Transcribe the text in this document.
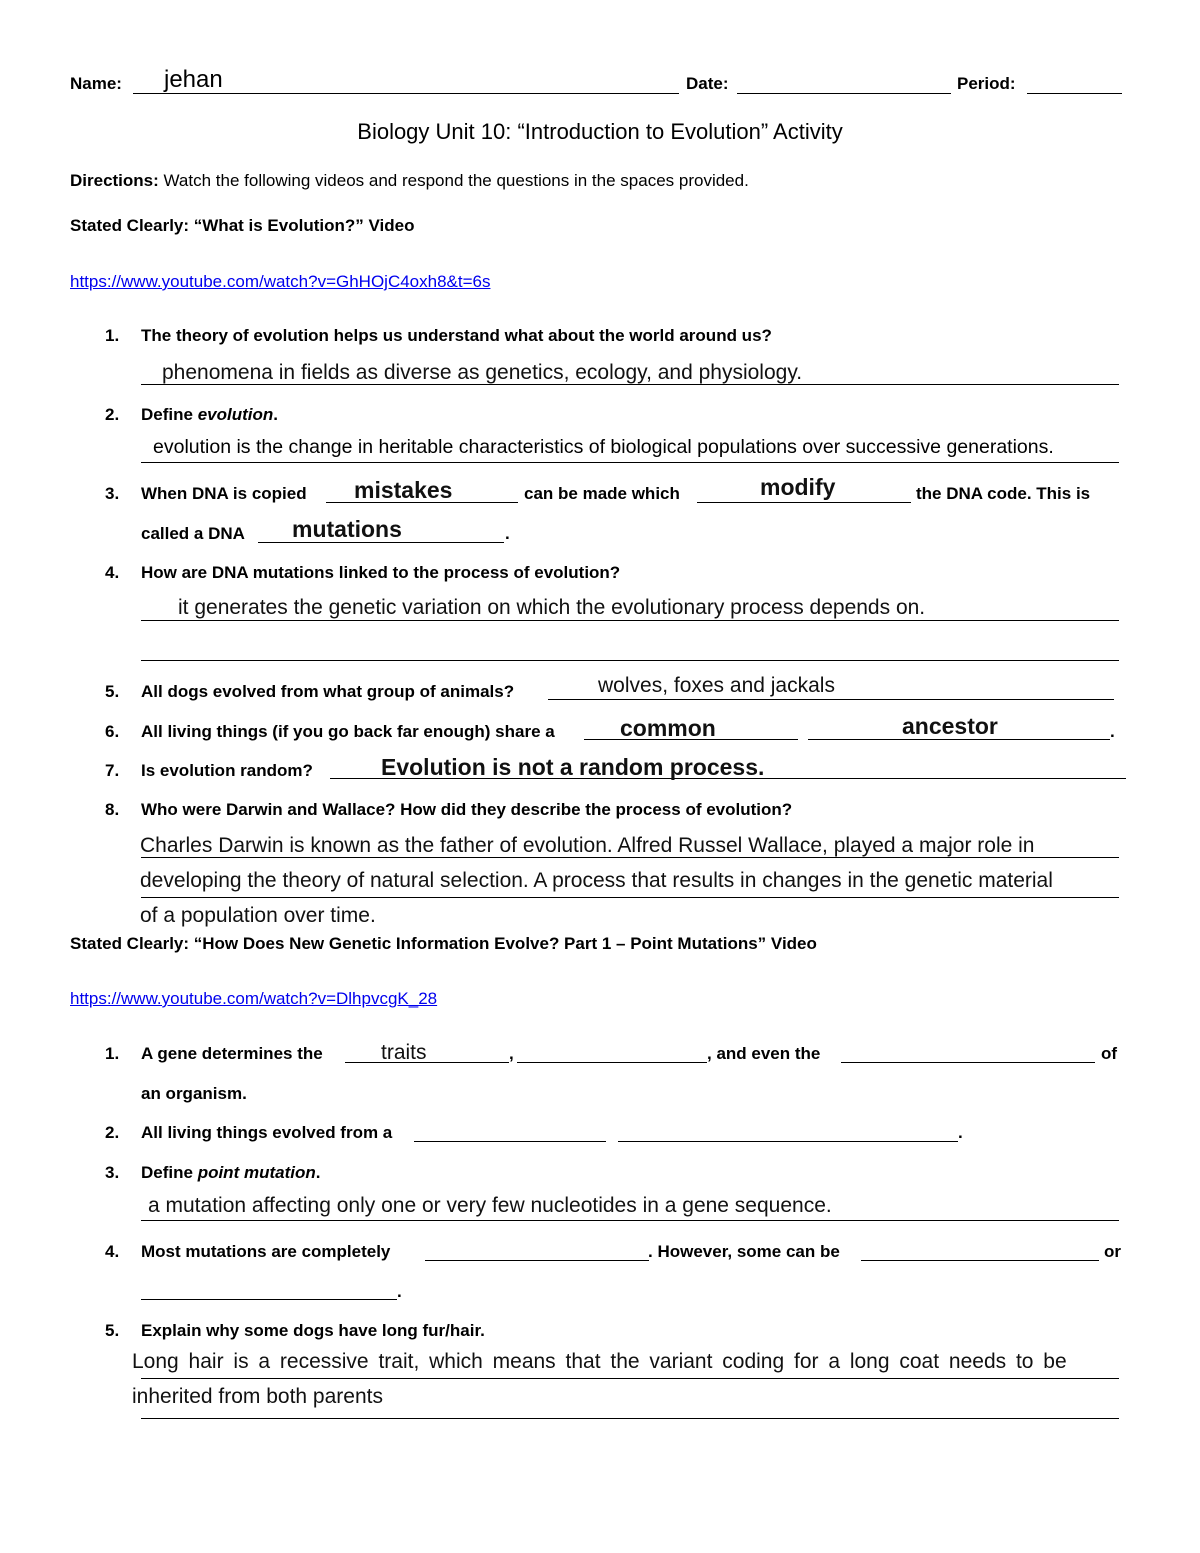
Name: jehan	Date:	Period:
Biology Unit 10: “Introduction to Evolution” Activity
Directions: Watch the following videos and respond the questions in the spaces provided.
Stated Clearly: “What is Evolution?” Video
https://www.youtube.com/watch?v=GhHOjC4oxh8&t=6s
1. The theory of evolution helps us understand what about the world around us?
phenomena in fields as diverse as genetics, ecology, and physiology.
2. Define evolution.
evolution is the change in heritable characteristics of biological populations over successive generations.
3. When DNA is copied mistakes	can be made which	modify	the DNA code. This is
called a DNA mutations	.
4. How are DNA mutations linked to the process of evolution?
it generates the genetic variation on which the evolutionary process depends on.
5. All dogs evolved from what group of animals?	wolves, foxes and jackals
6. All living things (if you go back far enough) share a	common	ancestor	.
7. Is evolution random?	Evolution is not a random process.
8. Who were Darwin and Wallace? How did they describe the process of evolution?
Charles Darwin is known as the father of evolution. Alfred Russel Wallace, played a major role in
developing the theory of natural selection. A process that results in changes in the genetic material
of a population over time.
Stated Clearly: “How Does New Genetic Information Evolve? Part 1 – Point Mutations” Video
https://www.youtube.com/watch?v=DlhpvcgK_28
1. A gene determines the	traits	,	, and even the	of
an organism.
2. All living things evolved from a	.
3. Define point mutation.
a mutation affecting only one or very few nucleotides in a gene sequence.
4. Most mutations are completely	. However, some can be	or
.
5. Explain why some dogs have long fur/hair.
Long hair is a recessive trait, which means that the variant coding for a long coat needs to be
inherited from both parents
